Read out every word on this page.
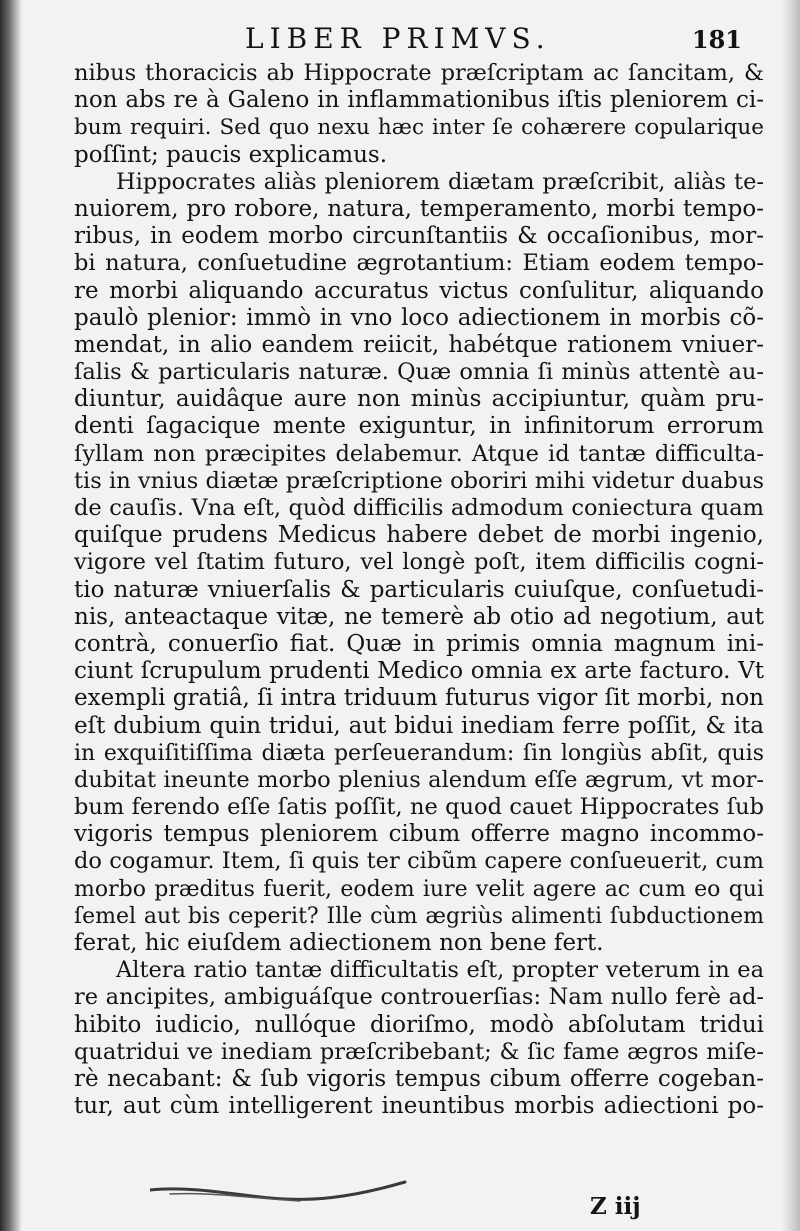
LIBER PRIMVS.	181
nibus thoracicis ab Hippocrate præſcriptam ac ſancitam, &
non abs re à Galeno in inflammationibus iſtis pleniorem ci-
bum requiri. Sed quo nexu hæc inter ſe cohærere copularique
poſſint; paucis explicamus.
Hippocrates aliàs pleniorem diætam præſcribit, aliàs te-
nuiorem, pro robore, natura, temperamento, morbi tempo-
ribus, in eodem morbo circunſtantiis & occaſionibus, mor-
bi natura, conſuetudine ægrotantium: Etiam eodem tempo-
re morbi aliquando accuratus victus conſulitur, aliquando
paulò plenior: immò in vno loco adiectionem in morbis cõ-
mendat, in alio eandem reiicit, habétque rationem vniuer-
ſalis & particularis naturæ. Quæ omnia ſi minùs attentè au-
diuntur, auidâque aure non minùs accipiuntur, quàm pru-
denti ſagacique mente exiguntur, in infinitorum errorum
ſyllam non præcipites delabemur. Atque id tantæ difficulta-
tis in vnius diætæ præſcriptione oboriri mihi videtur duabus
de cauſis. Vna eſt, quòd difficilis admodum coniectura quam
quiſque prudens Medicus habere debet de morbi ingenio,
vigore vel ſtatim futuro, vel longè poſt, item difficilis cogni-
tio naturæ vniuerſalis & particularis cuiuſque, conſuetudi-
nis, anteactaque vitæ, ne temerè ab otio ad negotium, aut
contrà, conuerſio fiat. Quæ in primis omnia magnum ini-
ciunt ſcrupulum prudenti Medico omnia ex arte facturo. Vt
exempli gratiâ, ſi intra triduum futurus vigor ſit morbi, non
eſt dubium quin tridui, aut bidui inediam ferre poſſit, & ita
in exquiſitiſſima diæta perſeuerandum: ſin longiùs abſit, quis
dubitat ineunte morbo plenius alendum eſſe ægrum, vt mor-
bum ferendo eſſe ſatis poſſit, ne quod cauet Hippocrates ſub
vigoris tempus pleniorem cibum offerre magno incommo-
do cogamur. Item, ſi quis ter cibũm capere conſueuerit, cum
morbo præditus fuerit, eodem iure velit agere ac cum eo qui
ſemel aut bis ceperit? Ille cùm ægriùs alimenti ſubductionem
ferat, hic eiuſdem adiectionem non bene fert.
Altera ratio tantæ difficultatis eſt, propter veterum in ea
re ancipites, ambiguáſque controuerſias: Nam nullo ferè ad-
hibito iudicio, nullóque dioriſmo, modò abſolutam tridui
quatridui ve inediam præſcribebant; & ſic fame ægros miſe-
rè necabant: & ſub vigoris tempus cibum offerre cogeban-
tur, aut cùm intelligerent ineuntibus morbis adiectioni po-
Z iij
